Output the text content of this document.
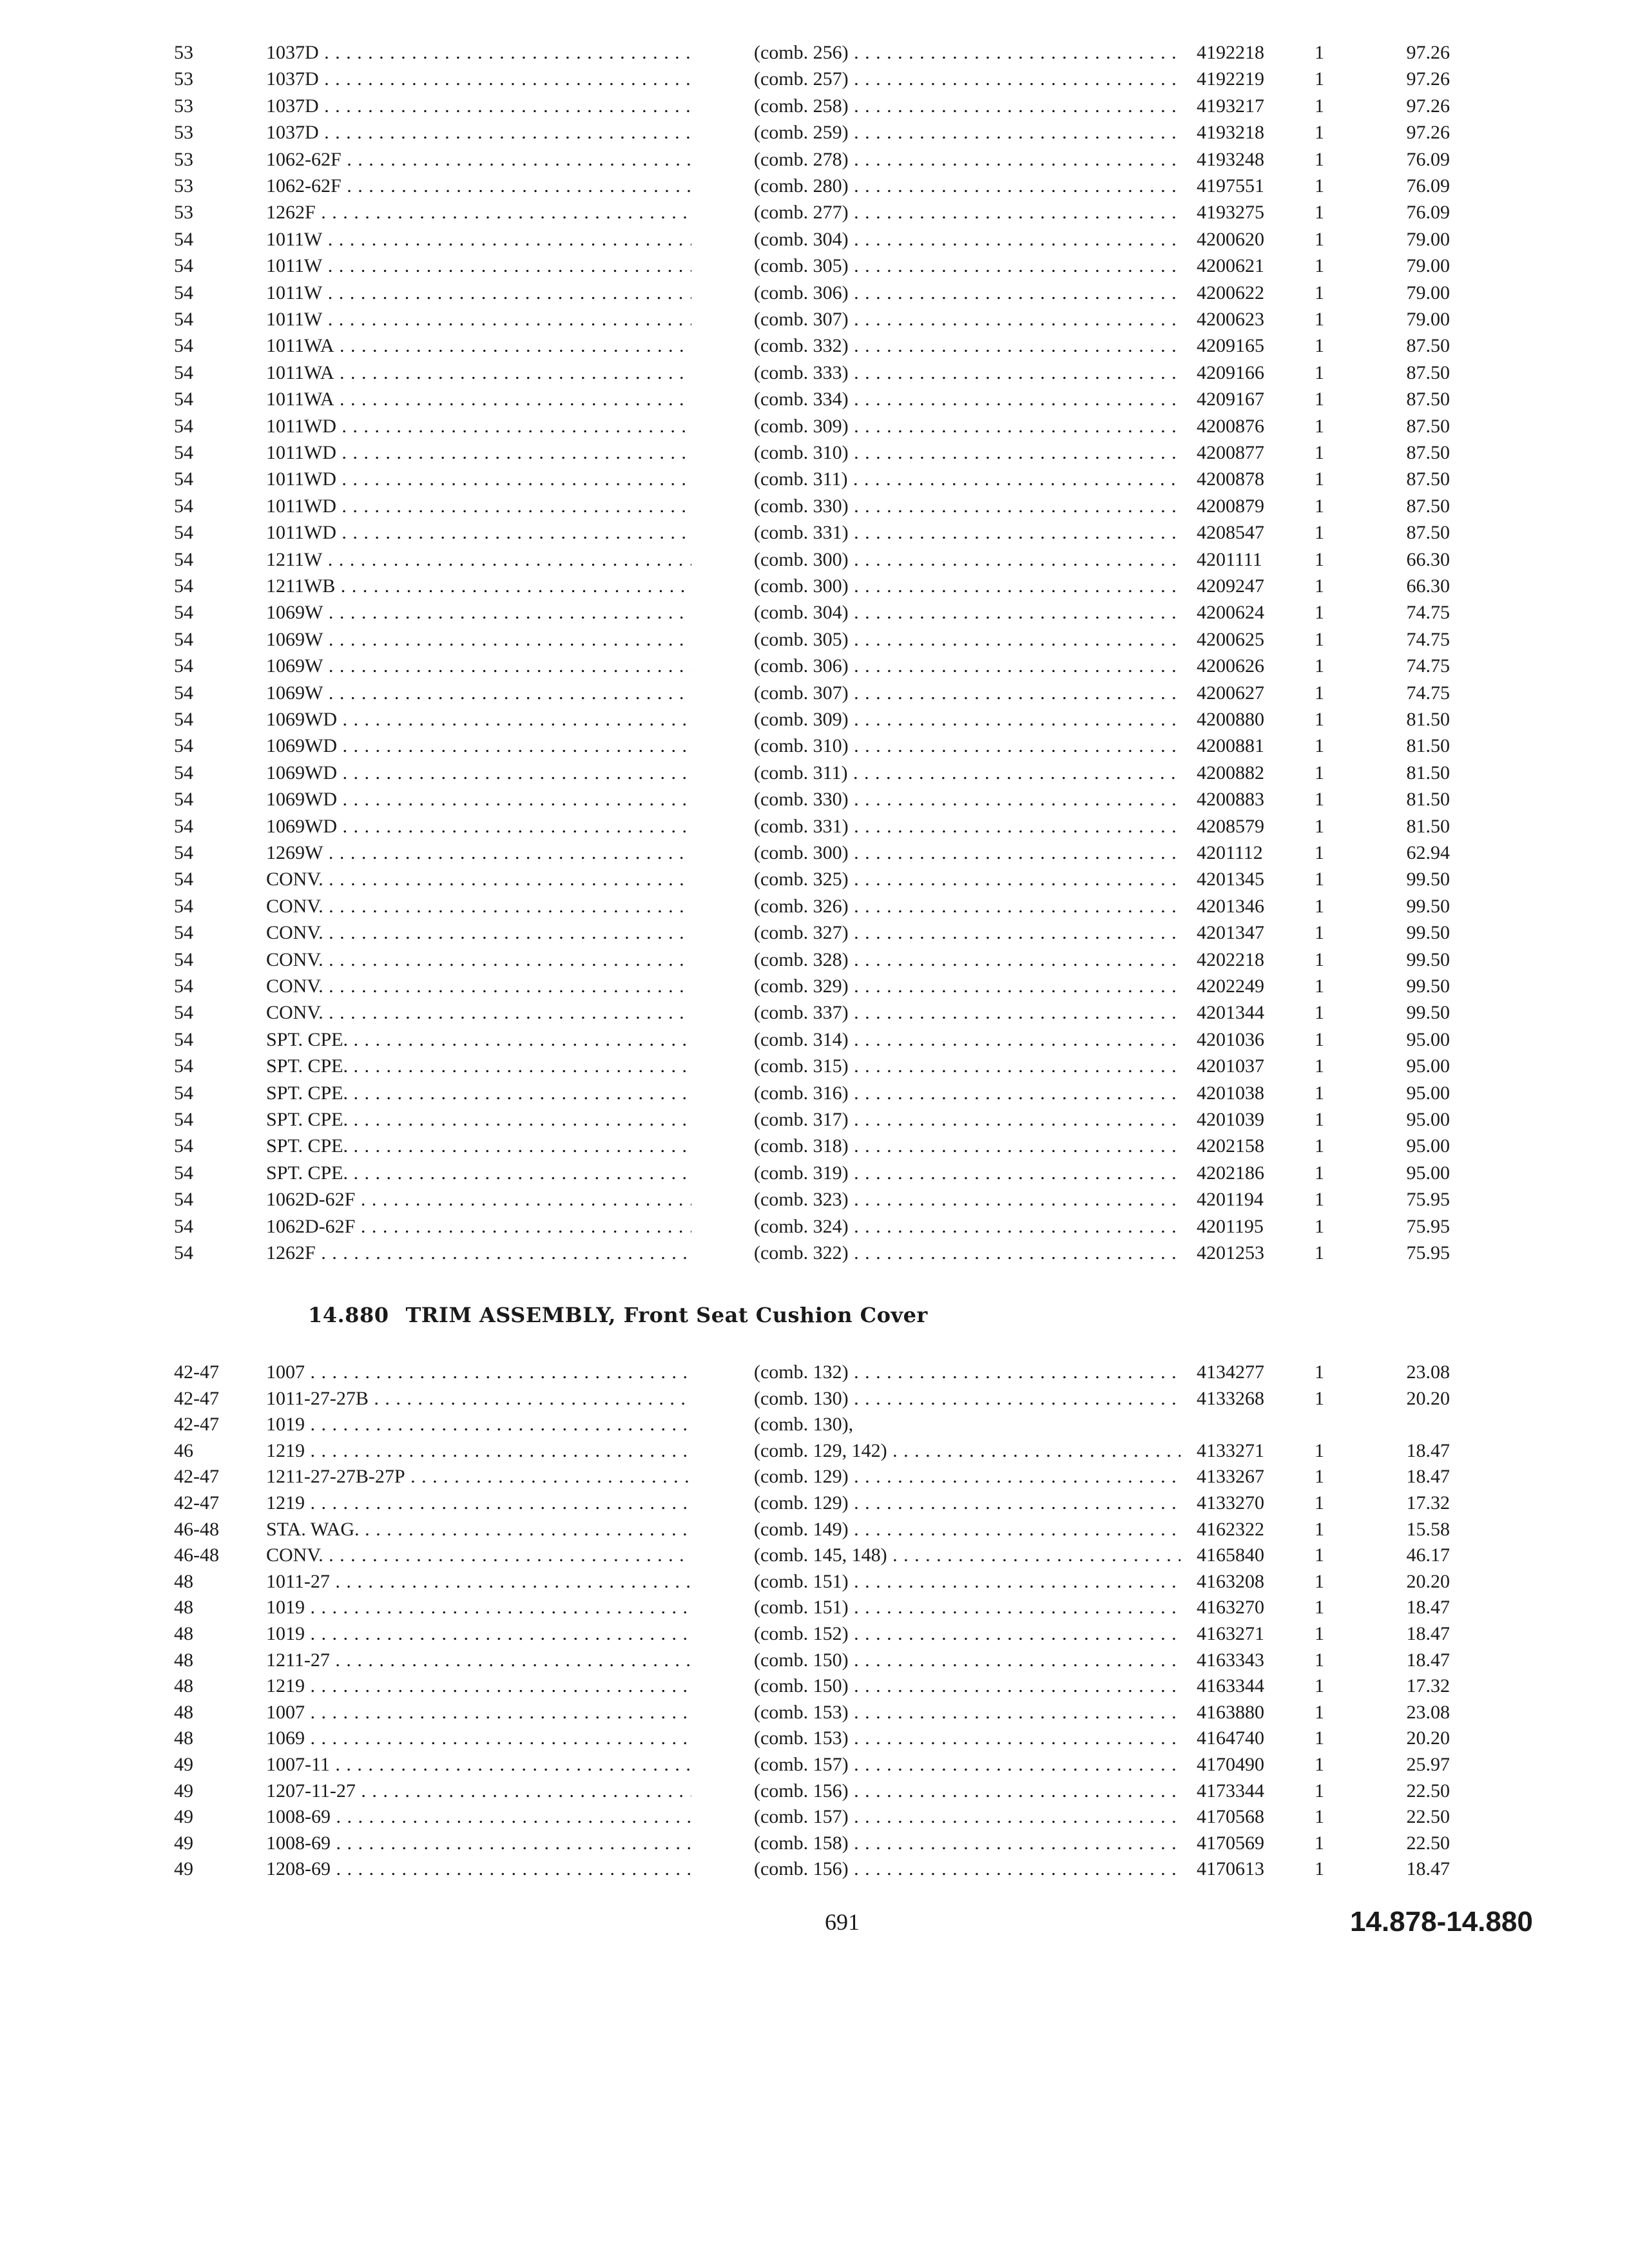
53	1037D . . .	(comb. 256) . . .	4192218	1	97.26
53	1037D . . .	(comb. 257) . . .	4192219	1	97.26
53	1037D . . .	(comb. 258) . . .	4193217	1	97.26
53	1037D . . .	(comb. 259) . . .	4193218	1	97.26
53	1062-62F . . .	(comb. 278) . . .	4193248	1	76.09
53	1062-62F . . .	(comb. 280) . . .	4197551	1	76.09
53	1262F . . .	(comb. 277) . . .	4193275	1	76.09
54	1011W . . .	(comb. 304) . . .	4200620	1	79.00
54	1011W . . .	(comb. 305) . . .	4200621	1	79.00
54	1011W . . .	(comb. 306) . . .	4200622	1	79.00
54	1011W . . .	(comb. 307) . . .	4200623	1	79.00
54	1011WA . . .	(comb. 332) . . .	4209165	1	87.50
54	1011WA . . .	(comb. 333) . . .	4209166	1	87.50
54	1011WA . . .	(comb. 334) . . .	4209167	1	87.50
54	1011WD . . .	(comb. 309) . . .	4200876	1	87.50
54	1011WD . . .	(comb. 310) . . .	4200877	1	87.50
54	1011WD . . .	(comb. 311) . . .	4200878	1	87.50
54	1011WD . . .	(comb. 330) . . .	4200879	1	87.50
54	1011WD . . .	(comb. 331) . . .	4208547	1	87.50
54	1211W . . .	(comb. 300) . . .	4201111	1	66.30
54	1211WB . . .	(comb. 300) . . .	4209247	1	66.30
54	1069W . . .	(comb. 304) . . .	4200624	1	74.75
54	1069W . . .	(comb. 305) . . .	4200625	1	74.75
54	1069W . . .	(comb. 306) . . .	4200626	1	74.75
54	1069W . . .	(comb. 307) . . .	4200627	1	74.75
54	1069WD . . .	(comb. 309) . . .	4200880	1	81.50
54	1069WD . . .	(comb. 310) . . .	4200881	1	81.50
54	1069WD . . .	(comb. 311) . . .	4200882	1	81.50
54	1069WD . . .	(comb. 330) . . .	4200883	1	81.50
54	1069WD . . .	(comb. 331) . . .	4208579	1	81.50
54	1269W . . .	(comb. 300) . . .	4201112	1	62.94
54	CONV. . . .	(comb. 325) . . .	4201345	1	99.50
54	CONV. . . .	(comb. 326) . . .	4201346	1	99.50
54	CONV. . . .	(comb. 327) . . .	4201347	1	99.50
54	CONV. . . .	(comb. 328) . . .	4202218	1	99.50
54	CONV. . . .	(comb. 329) . . .	4202249	1	99.50
54	CONV. . . .	(comb. 337) . . .	4201344	1	99.50
54	SPT. CPE. . . .	(comb. 314) . . .	4201036	1	95.00
54	SPT. CPE. . . .	(comb. 315) . . .	4201037	1	95.00
54	SPT. CPE. . . .	(comb. 316) . . .	4201038	1	95.00
54	SPT. CPE. . . .	(comb. 317) . . .	4201039	1	95.00
54	SPT. CPE. . . .	(comb. 318) . . .	4202158	1	95.00
54	SPT. CPE. . . .	(comb. 319) . . .	4202186	1	95.00
54	1062D-62F . . .	(comb. 323) . . .	4201194	1	75.95
54	1062D-62F . . .	(comb. 324) . . .	4201195	1	75.95
54	1262F . . .	(comb. 322) . . .	4201253	1	75.95
14.880 TRIM ASSEMBLY, Front Seat Cushion Cover
42-47	1007 . . .	(comb. 132) . . .	4134277	1	23.08
42-47	1011-27-27B . . .	(comb. 130) . . .	4133268	1	20.20
42-47	1019 . . .	(comb. 130),
46	1219 . . .	(comb. 129, 142) . . .	4133271	1	18.47
42-47	1211-27-27B-27P . . .	(comb. 129) . . .	4133267	1	18.47
42-47	1219 . . .	(comb. 129) . . .	4133270	1	17.32
46-48	STA. WAG. . . .	(comb. 149) . . .	4162322	1	15.58
46-48	CONV. . . .	(comb. 145, 148) . . .	4165840	1	46.17
48	1011-27 . . .	(comb. 151) . . .	4163208	1	20.20
48	1019 . . .	(comb. 151) . . .	4163270	1	18.47
48	1019 . . .	(comb. 152) . . .	4163271	1	18.47
48	1211-27 . . .	(comb. 150) . . .	4163343	1	18.47
48	1219 . . .	(comb. 150) . . .	4163344	1	17.32
48	1007 . . .	(comb. 153) . . .	4163880	1	23.08
48	1069 . . .	(comb. 153) . . .	4164740	1	20.20
49	1007-11 . . .	(comb. 157) . . .	4170490	1	25.97
49	1207-11-27 . . .	(comb. 156) . . .	4173344	1	22.50
49	1008-69 . . .	(comb. 157) . . .	4170568	1	22.50
49	1008-69 . . .	(comb. 158) . . .	4170569	1	22.50
49	1208-69 . . .	(comb. 156) . . .	4170613	1	18.47
691	14.878-14.880
